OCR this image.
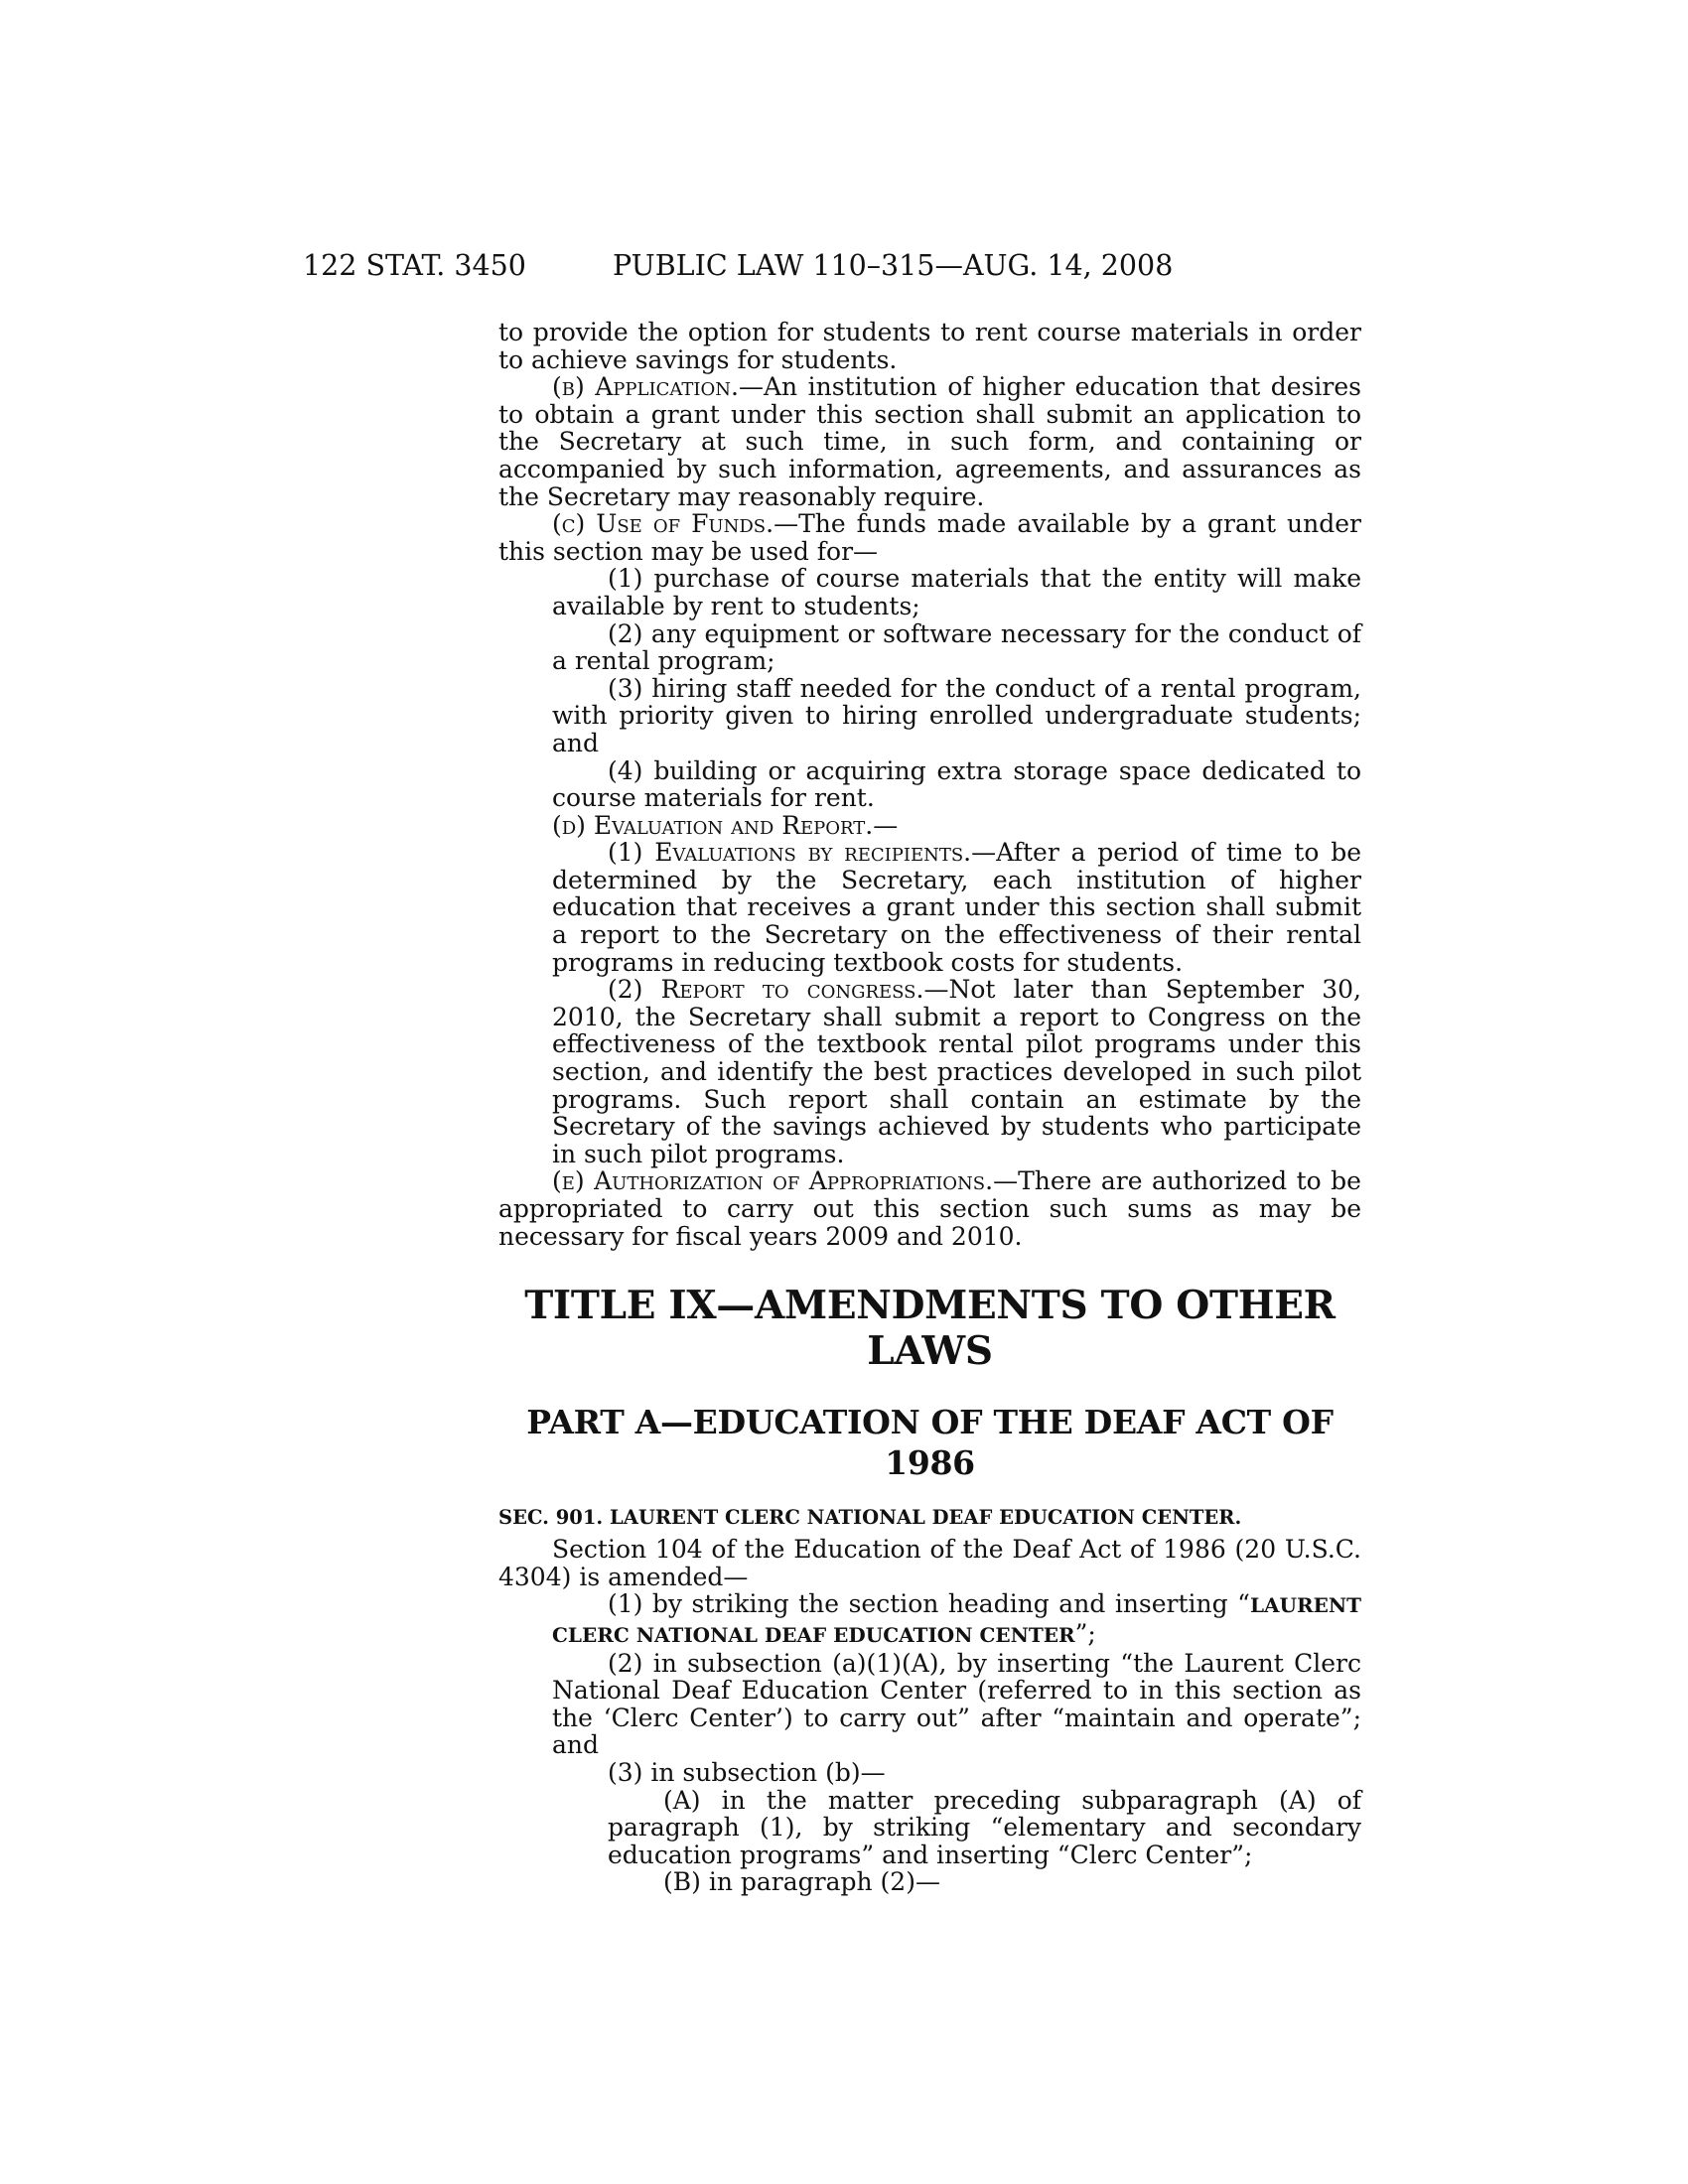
122 STAT. 3450	PUBLIC LAW 110–315—AUG. 14, 2008

to provide the option for students to rent course materials in order to achieve savings for students.

(b) Application.—An institution of higher education that desires to obtain a grant under this section shall submit an application to the Secretary at such time, in such form, and containing or accompanied by such information, agreements, and assurances as the Secretary may reasonably require.

(c) Use of Funds.—The funds made available by a grant under this section may be used for—

(1) purchase of course materials that the entity will make available by rent to students;

(2) any equipment or software necessary for the conduct of a rental program;

(3) hiring staff needed for the conduct of a rental program, with priority given to hiring enrolled undergraduate students; and

(4) building or acquiring extra storage space dedicated to course materials for rent.

(d) Evaluation and Report.—

(1) Evaluations by recipients.—After a period of time to be determined by the Secretary, each institution of higher education that receives a grant under this section shall submit a report to the Secretary on the effectiveness of their rental programs in reducing textbook costs for students.

(2) Report to congress.—Not later than September 30, 2010, the Secretary shall submit a report to Congress on the effectiveness of the textbook rental pilot programs under this section, and identify the best practices developed in such pilot programs. Such report shall contain an estimate by the Secretary of the savings achieved by students who participate in such pilot programs.

(e) Authorization of Appropriations.—There are authorized to be appropriated to carry out this section such sums as may be necessary for fiscal years 2009 and 2010.

TITLE IX—AMENDMENTS TO OTHER
LAWS
PART A—EDUCATION OF THE DEAF ACT OF
1986

SEC. 901. LAURENT CLERC NATIONAL DEAF EDUCATION CENTER.

Section 104 of the Education of the Deaf Act of 1986 (20 U.S.C. 4304) is amended—

(1) by striking the section heading and inserting “LAURENT CLERC NATIONAL DEAF EDUCATION CENTER”;

(2) in subsection (a)(1)(A), by inserting “the Laurent Clerc National Deaf Education Center (referred to in this section as the ‘Clerc Center’) to carry out” after “maintain and operate”; and

(3) in subsection (b)—

(A) in the matter preceding subparagraph (A) of paragraph (1), by striking “elementary and secondary education programs” and inserting “Clerc Center”;

(B) in paragraph (2)—
